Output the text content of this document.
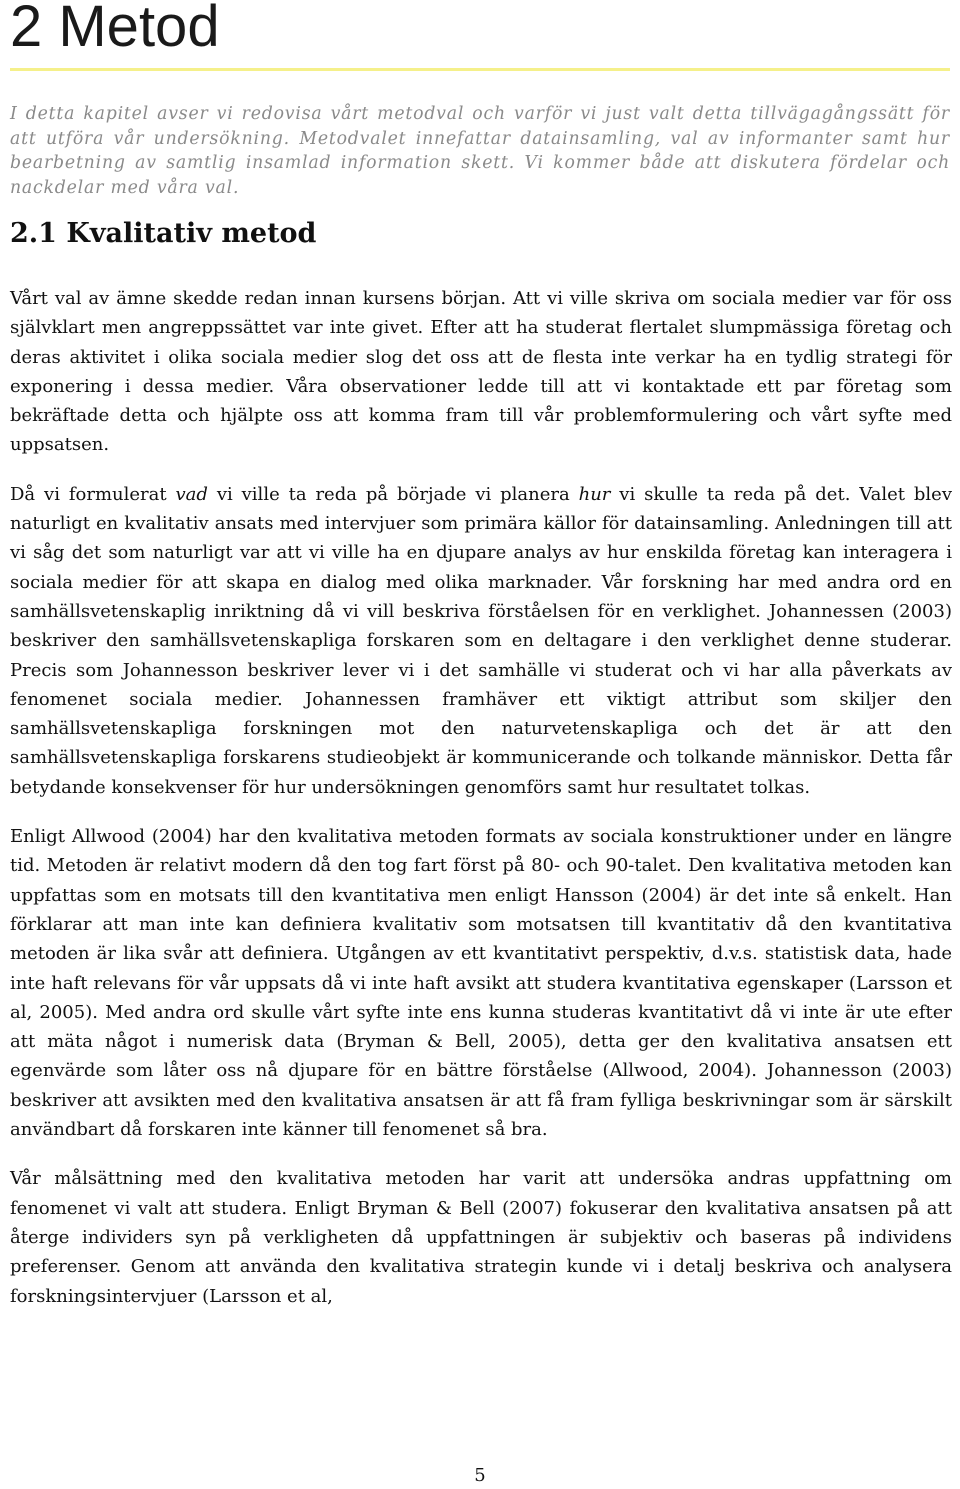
2 Metod

I detta kapitel avser vi redovisa vårt metodval och varför vi just valt detta tillvägagångssätt för att utföra vår undersökning. Metodvalet innefattar datainsamling, val av informanter samt hur bearbetning av samtlig insamlad information skett. Vi kommer både att diskutera fördelar och nackdelar med våra val.

2.1 Kvalitativ metod

Vårt val av ämne skedde redan innan kursens början. Att vi ville skriva om sociala medier var för oss självklart men angreppssättet var inte givet. Efter att ha studerat flertalet slumpmässiga företag och deras aktivitet i olika sociala medier slog det oss att de flesta inte verkar ha en tydlig strategi för exponering i dessa medier. Våra observationer ledde till att vi kontaktade ett par företag som bekräftade detta och hjälpte oss att komma fram till vår problemformulering och vårt syfte med uppsatsen.

Då vi formulerat vad vi ville ta reda på började vi planera hur vi skulle ta reda på det. Valet blev naturligt en kvalitativ ansats med intervjuer som primära källor för datainsamling. Anledningen till att vi såg det som naturligt var att vi ville ha en djupare analys av hur enskilda företag kan interagera i sociala medier för att skapa en dialog med olika marknader. Vår forskning har med andra ord en samhällsvetenskaplig inriktning då vi vill beskriva förståelsen för en verklighet. Johannessen (2003) beskriver den samhällsvetenskapliga forskaren som en deltagare i den verklighet denne studerar. Precis som Johannesson beskriver lever vi i det samhälle vi studerat och vi har alla påverkats av fenomenet sociala medier. Johannessen framhäver ett viktigt attribut som skiljer den samhällsvetenskapliga forskningen mot den naturvetenskapliga och det är att den samhällsvetenskapliga forskarens studieobjekt är kommunicerande och tolkande människor. Detta får betydande konsekvenser för hur undersökningen genomförs samt hur resultatet tolkas.

Enligt Allwood (2004) har den kvalitativa metoden formats av sociala konstruktioner under en längre tid. Metoden är relativt modern då den tog fart först på 80- och 90-talet. Den kvalitativa metoden kan uppfattas som en motsats till den kvantitativa men enligt Hansson (2004) är det inte så enkelt. Han förklarar att man inte kan definiera kvalitativ som motsatsen till kvantitativ då den kvantitativa metoden är lika svår att definiera. Utgången av ett kvantitativt perspektiv, d.v.s. statistisk data, hade inte haft relevans för vår uppsats då vi inte haft avsikt att studera kvantitativa egenskaper (Larsson et al, 2005). Med andra ord skulle vårt syfte inte ens kunna studeras kvantitativt då vi inte är ute efter att mäta något i numerisk data (Bryman & Bell, 2005), detta ger den kvalitativa ansatsen ett egenvärde som låter oss nå djupare för en bättre förståelse (Allwood, 2004). Johannesson (2003) beskriver att avsikten med den kvalitativa ansatsen är att få fram fylliga beskrivningar som är särskilt användbart då forskaren inte känner till fenomenet så bra.

Vår målsättning med den kvalitativa metoden har varit att undersöka andras uppfattning om fenomenet vi valt att studera. Enligt Bryman & Bell (2007) fokuserar den kvalitativa ansatsen på att återge individers syn på verkligheten då uppfattningen är subjektiv och baseras på individens preferenser. Genom att använda den kvalitativa strategin kunde vi i detalj beskriva och analysera forskningsintervjuer (Larsson et al,

5
